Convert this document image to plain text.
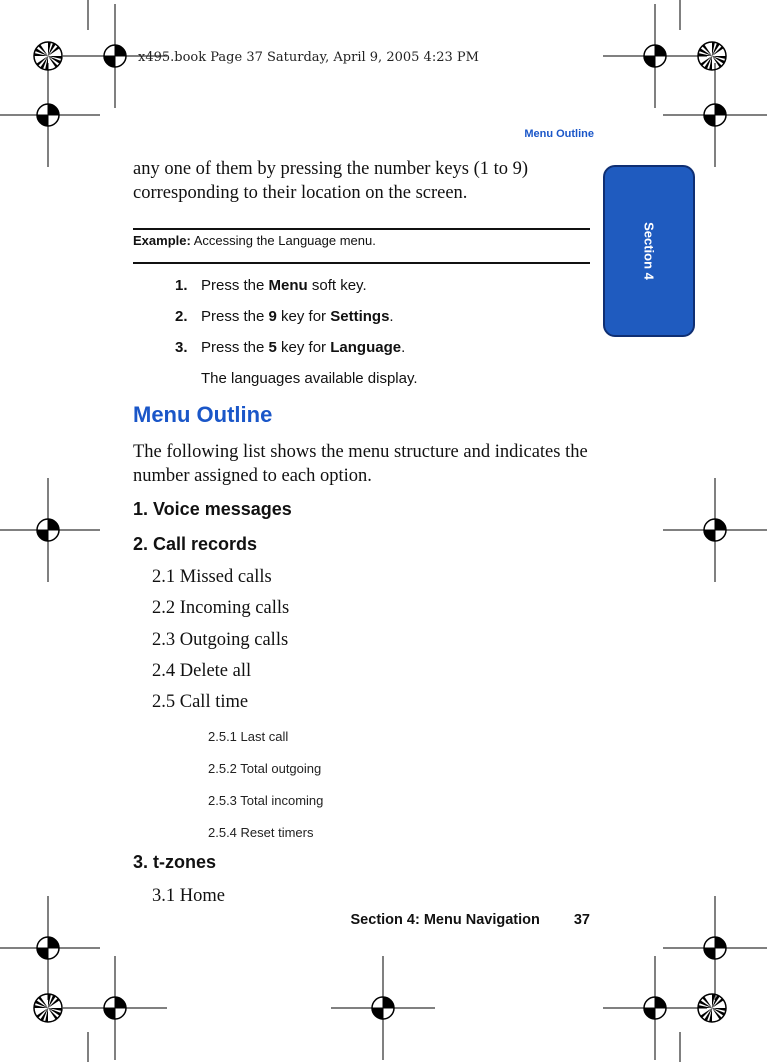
x495.book Page 37 Saturday, April 9, 2005 4:23 PM
Menu Outline
Section 4
any one of them by pressing the number keys (1 to 9) corresponding to their location on the screen.
Example: Accessing the Language menu.
1. Press the Menu soft key.
2. Press the 9 key for Settings.
3. Press the 5 key for Language.
The languages available display.
Menu Outline
The following list shows the menu structure and indicates the number assigned to each option.
1. Voice messages
2. Call records
2.1 Missed calls
2.2 Incoming calls
2.3 Outgoing calls
2.4 Delete all
2.5 Call time
2.5.1 Last call
2.5.2 Total outgoing
2.5.3 Total incoming
2.5.4 Reset timers
3. t-zones
3.1 Home
Section 4: Menu Navigation 37
